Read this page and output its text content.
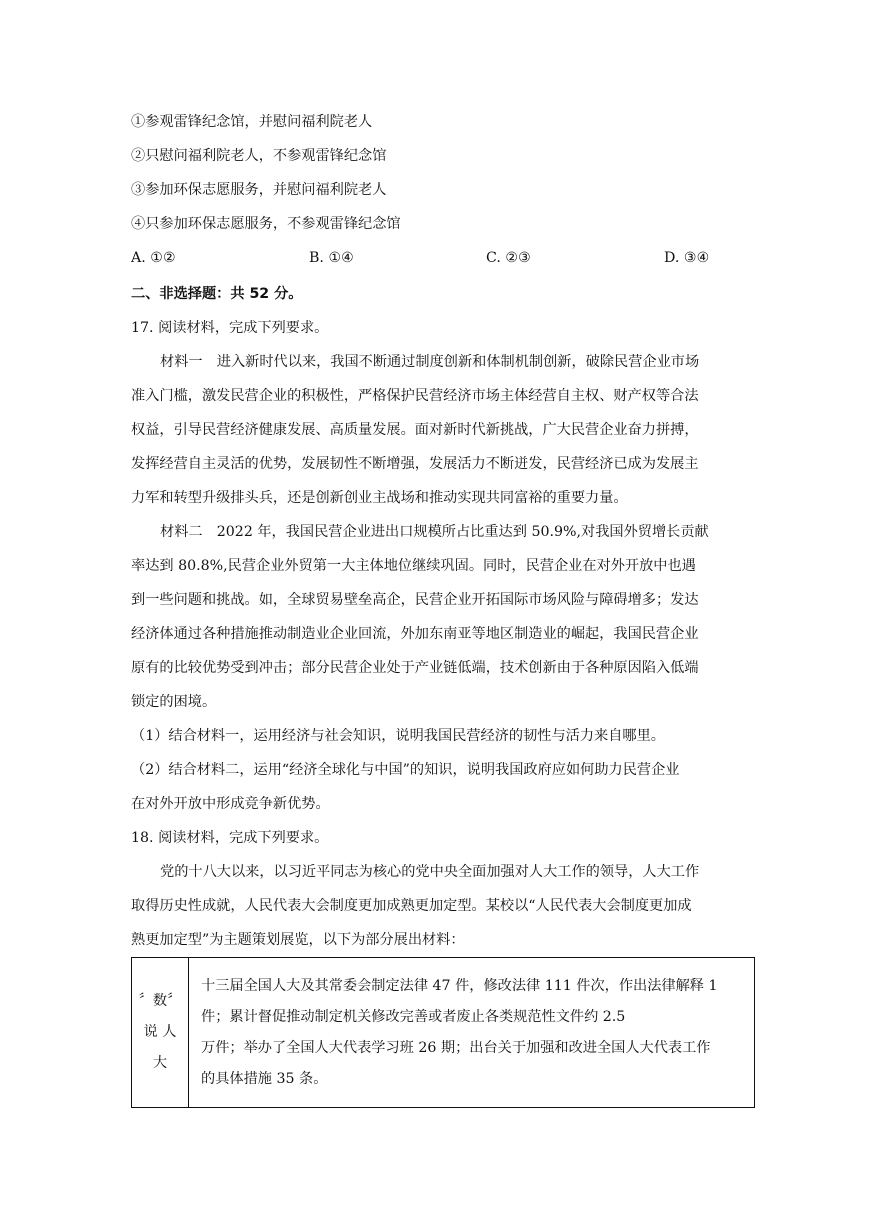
①参观雷锋纪念馆，并慰问福利院老人
②只慰问福利院老人，不参观雷锋纪念馆
③参加环保志愿服务，并慰问福利院老人
④只参加环保志愿服务，不参观雷锋纪念馆
A. ①②	B. ①④	C. ②③	D. ③④
二、非选择题：共 52 分。
17. 阅读材料，完成下列要求。
材料一　进入新时代以来，我国不断通过制度创新和体制机制创新，破除民营企业市场
准入门槛，激发民营企业的积极性，严格保护民营经济市场主体经营自主权、财产权等合法
权益，引导民营经济健康发展、高质量发展。面对新时代新挑战，广大民营企业奋力拼搏，
发挥经营自主灵活的优势，发展韧性不断增强，发展活力不断迸发，民营经济已成为发展主
力军和转型升级排头兵，还是创新创业主战场和推动实现共同富裕的重要力量。
材料二　2022 年，我国民营企业进出口规模所占比重达到 50.9%,对我国外贸增长贡献
率达到 80.8%,民营企业外贸第一大主体地位继续巩固。同时，民营企业在对外开放中也遇
到一些问题和挑战。如，全球贸易壁垒高企，民营企业开拓国际市场风险与障碍增多；发达
经济体通过各种措施推动制造业企业回流，外加东南亚等地区制造业的崛起，我国民营企业
原有的比较优势受到冲击；部分民营企业处于产业链低端，技术创新由于各种原因陷入低端
锁定的困境。
（1）结合材料一，运用经济与社会知识，说明我国民营经济的韧性与活力来自哪里。
（2）结合材料二，运用“经济全球化与中国”的知识，说明我国政府应如何助力民营企业
在对外开放中形成竞争新优势。
18. 阅读材料，完成下列要求。
党的十八大以来，以习近平同志为核心的党中央全面加强对人大工作的领导，人大工作
取得历史性成就，人民代表大会制度更加成熟更加定型。某校以“人民代表大会制度更加成
熟更加定型”为主题策划展览，以下为部分展出材料：
〞数〞
说 人
大

十三届全国人大及其常委会制定法律 47 件，修改法律 111 件次，作出法律解释 1
件；累计督促推动制定机关修改完善或者废止各类规范性文件约 2.5
万件；举办了全国人大代表学习班 26 期；出台关于加强和改进全国人大代表工作
的具体措施 35 条。
